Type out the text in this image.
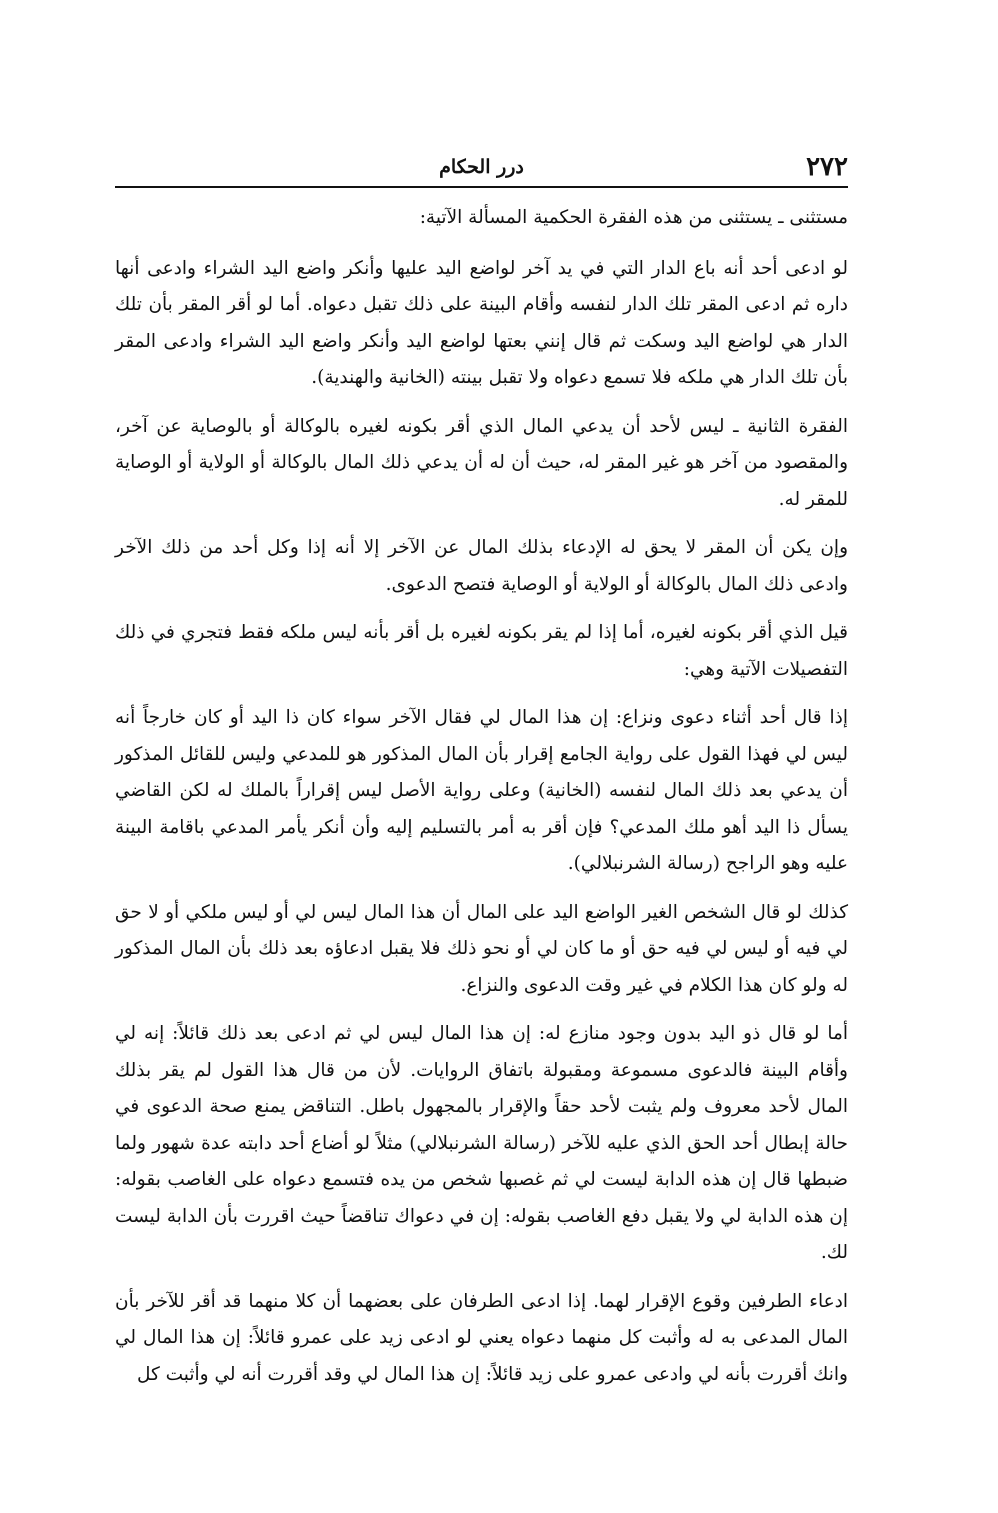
٢٧٢
درر الحكام

مستثنى ـ يستثنى من هذه الفقرة الحكمية المسألة الآتية:

لو ادعى أحد أنه باع الدار التي في يد آخر لواضع اليد عليها وأنكر واضع اليد الشراء وادعى أنها داره ثم ادعى المقر تلك الدار لنفسه وأقام البينة على ذلك تقبل دعواه. أما لو أقر المقر بأن تلك الدار هي لواضع اليد وسكت ثم قال إنني بعتها لواضع اليد وأنكر واضع اليد الشراء وادعى المقر بأن تلك الدار هي ملكه فلا تسمع دعواه ولا تقبل بينته (الخانية والهندية).

الفقرة الثانية ـ ليس لأحد أن يدعي المال الذي أقر بكونه لغيره بالوكالة أو بالوصاية عن آخر، والمقصود من آخر هو غير المقر له، حيث أن له أن يدعي ذلك المال بالوكالة أو الولاية أو الوصاية للمقر له.

وإن يكن أن المقر لا يحق له الإدعاء بذلك المال عن الآخر إلا أنه إذا وكل أحد من ذلك الآخر وادعى ذلك المال بالوكالة أو الولاية أو الوصاية فتصح الدعوى.

قيل الذي أقر بكونه لغيره، أما إذا لم يقر بكونه لغيره بل أقر بأنه ليس ملكه فقط فتجري في ذلك التفصيلات الآتية وهي:

إذا قال أحد أثناء دعوى ونزاع: إن هذا المال لي فقال الآخر سواء كان ذا اليد أو كان خارجاً أنه ليس لي فهذا القول على رواية الجامع إقرار بأن المال المذكور هو للمدعي وليس للقائل المذكور أن يدعي بعد ذلك المال لنفسه (الخانية) وعلى رواية الأصل ليس إقراراً بالملك له لكن القاضي يسأل ذا اليد أهو ملك المدعي؟ فإن أقر به أمر بالتسليم إليه وأن أنكر يأمر المدعي باقامة البينة عليه وهو الراجح (رسالة الشرنبلالي).

كذلك لو قال الشخص الغير الواضع اليد على المال أن هذا المال ليس لي أو ليس ملكي أو لا حق لي فيه أو ليس لي فيه حق أو ما كان لي أو نحو ذلك فلا يقبل ادعاؤه بعد ذلك بأن المال المذكور له ولو كان هذا الكلام في غير وقت الدعوى والنزاع.

أما لو قال ذو اليد بدون وجود منازع له: إن هذا المال ليس لي ثم ادعى بعد ذلك قائلاً: إنه لي وأقام البينة فالدعوى مسموعة ومقبولة باتفاق الروايات. لأن من قال هذا القول لم يقر بذلك المال لأحد معروف ولم يثبت لأحد حقاً والإقرار بالمجهول باطل. التناقض يمنع صحة الدعوى في حالة إبطال أحد الحق الذي عليه للآخر (رسالة الشرنبلالي) مثلاً لو أضاع أحد دابته عدة شهور ولما ضبطها قال إن هذه الدابة ليست لي ثم غصبها شخص من يده فتسمع دعواه على الغاصب بقوله: إن هذه الدابة لي ولا يقبل دفع الغاصب بقوله: إن في دعواك تناقضاً حيث اقررت بأن الدابة ليست لك.

ادعاء الطرفين وقوع الإقرار لهما. إذا ادعى الطرفان على بعضهما أن كلا منهما قد أقر للآخر بأن المال المدعى به له وأثبت كل منهما دعواه يعني لو ادعى زيد على عمرو قائلاً: إن هذا المال لي وانك أقررت بأنه لي وادعى عمرو على زيد قائلاً: إن هذا المال لي وقد أقررت أنه لي وأثبت كل
